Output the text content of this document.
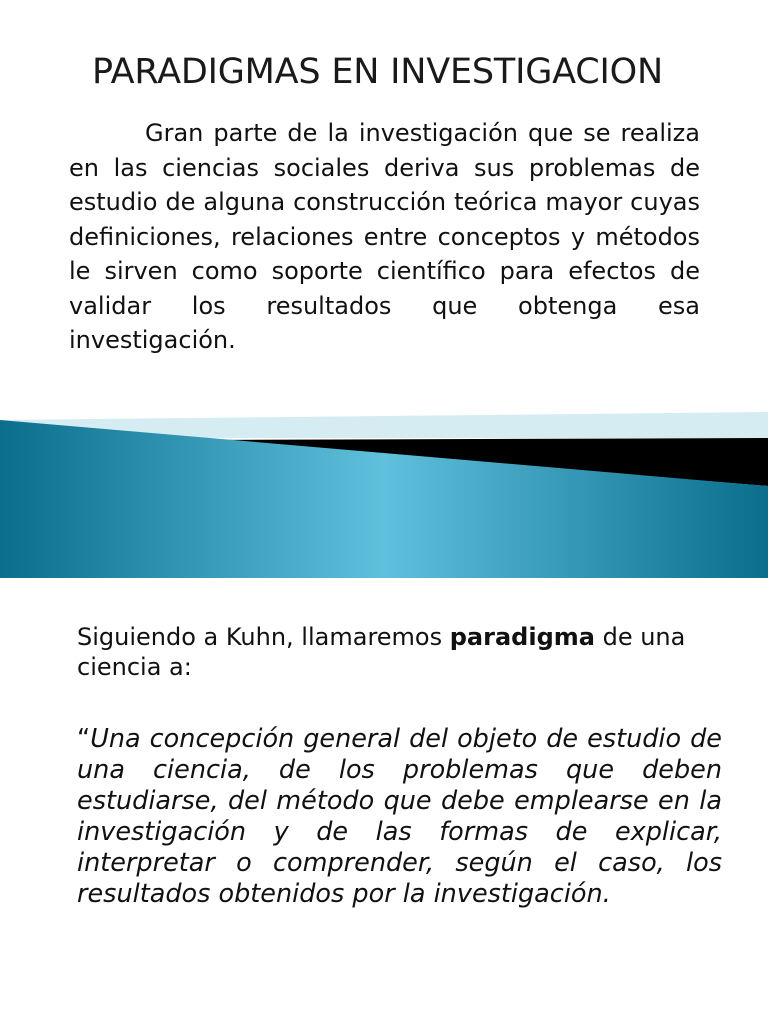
PARADIGMAS EN INVESTIGACION

Gran parte de la investigación que se realiza en las ciencias sociales deriva sus problemas de estudio de alguna construcción teórica mayor cuyas definiciones, relaciones entre conceptos y métodos le sirven como soporte científico para efectos de validar los resultados que obtenga esa investigación.

Siguiendo a Kuhn, llamaremos paradigma de una ciencia a:

“Una concepción general del objeto de estudio de una ciencia, de los problemas que deben estudiarse, del método que debe emplearse en la investigación y de las formas de explicar, interpretar o comprender, según el caso, los resultados obtenidos por la investigación.
